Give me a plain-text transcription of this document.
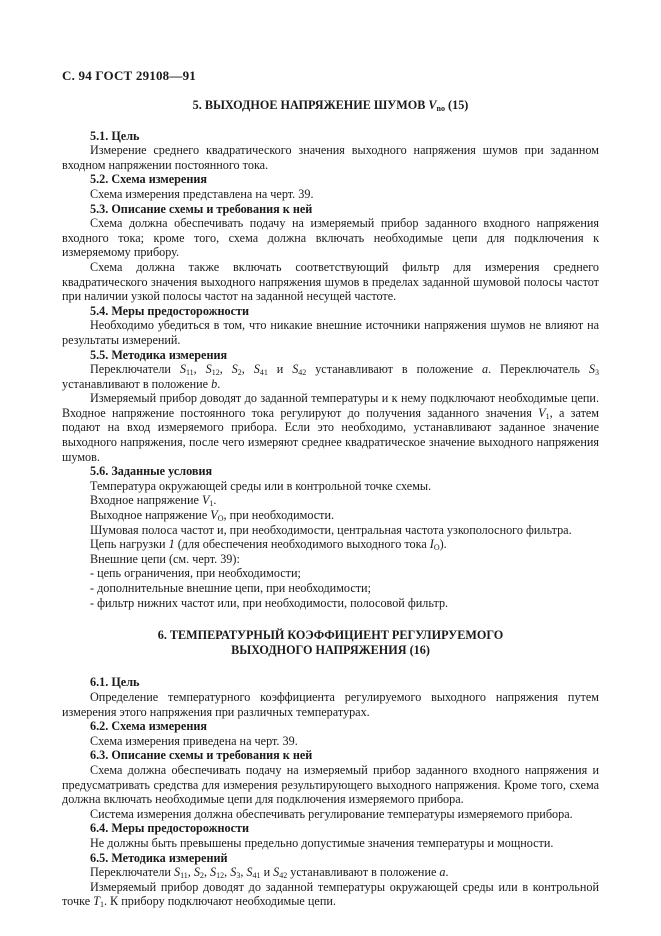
С. 94 ГОСТ 29108—91
5. ВЫХОДНОЕ НАПРЯЖЕНИЕ ШУМОВ $V_{no}$ (15)
5.1. Цель

Измерение среднего квадратического значения выходного напряжения шумов при заданном входном напряжении постоянного тока.

5.2. Схема измерения

Схема измерения представлена на черт. 39.

5.3. Описание схемы и требования к ней

Схема должна обеспечивать подачу на измеряемый прибор заданного входного напряжения входного тока; кроме того, схема должна включать необходимые цепи для подключения к измеряемому прибору.

Схема должна также включать соответствующий фильтр для измерения среднего квадратического значения выходного напряжения шумов в пределах заданной шумовой полосы частот при наличии узкой полосы частот на заданной несущей частоте.

5.4. Меры предосторожности

Необходимо убедиться в том, что никакие внешние источники напряжения шумов не влияют на результаты измерений.

5.5. Методика измерения

Переключатели $S_{11}$, $S_{12}$, $S_2$, $S_{41}$ и $S_{42}$ устанавливают в положение a. Переключатель $S_3$ устанавливают в положение b.

Измеряемый прибор доводят до заданной температуры и к нему подключают необходимые цепи. Входное напряжение постоянного тока регулируют до получения заданного значения $V_1$, а затем подают на вход измеряемого прибора. Если это необходимо, устанавливают заданное значение выходного напряжения, после чего измеряют среднее квадратическое значение выходного напряжения шумов.

5.6. Заданные условия

Температура окружающей среды или в контрольной точке схемы.

Входное напряжение $V_1$.

Выходное напряжение $V_O$, при необходимости.

Шумовая полоса частот и, при необходимости, центральная частота узкополосного фильтра.

Цепь нагрузки 1 (для обеспечения необходимого выходного тока $I_O$).

Внешние цепи (см. черт. 39):

- цепь ограничения, при необходимости;
- дополнительные внешние цепи, при необходимости;
- фильтр нижних частот или, при необходимости, полосовой фильтр.
6. ТЕМПЕРАТУРНЫЙ КОЭФФИЦИЕНТ РЕГУЛИРУЕМОГО
ВЫХОДНОГО НАПРЯЖЕНИЯ (16)
6.1. Цель

Определение температурного коэффициента регулируемого выходного напряжения путем измерения этого напряжения при различных температурах.

6.2. Схема измерения

Схема измерения приведена на черт. 39.

6.3. Описание схемы и требования к ней

Схема должна обеспечивать подачу на измеряемый прибор заданного входного напряжения и предусматривать средства для измерения результирующего выходного напряжения. Кроме того, схема должна включать необходимые цепи для подключения измеряемого прибора.

Система измерения должна обеспечивать регулирование температуры измеряемого прибора.

6.4. Меры предосторожности

Не должны быть превышены предельно допустимые значения температуры и мощности.

6.5. Методика измерений

Переключатели $S_{11}$, $S_2$, $S_{12}$, $S_3$, $S_{41}$ и $S_{42}$ устанавливают в положение a.

Измеряемый прибор доводят до заданной температуры окружающей среды или в контрольной точке $T_1$. К прибору подключают необходимые цепи.
